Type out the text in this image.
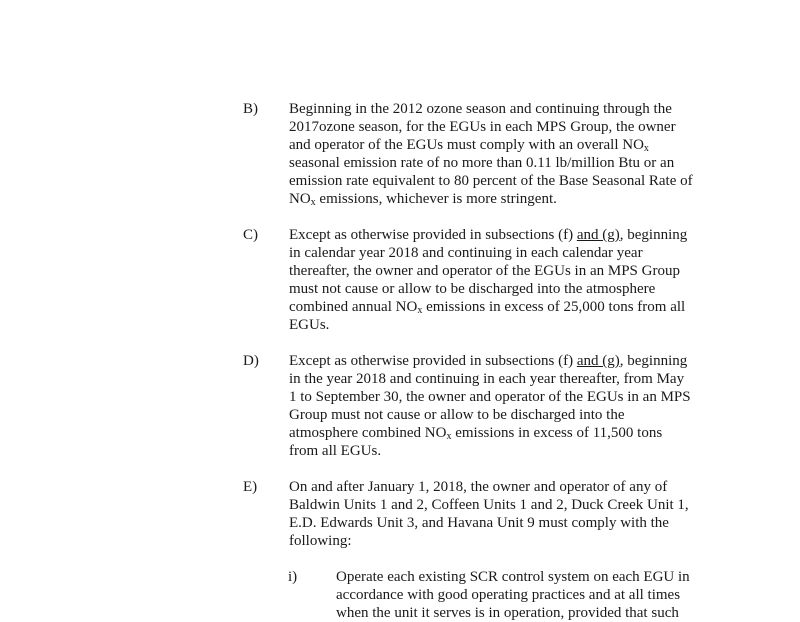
B) Beginning in the 2012 ozone season and continuing through the
2017ozone season, for the EGUs in each MPS Group, the owner
and operator of the EGUs must comply with an overall $NO_x$
seasonal emission rate of no more than 0.11 lb/million Btu or an
emission rate equivalent to 80 percent of the Base Seasonal Rate of
$NO_x$ emissions, whichever is more stringent.
C) Except as otherwise provided in subsections (f) and (g), beginning
in calendar year 2018 and continuing in each calendar year
thereafter, the owner and operator of the EGUs in an MPS Group
must not cause or allow to be discharged into the atmosphere
combined annual $NO_x$ emissions in excess of 25,000 tons from all
EGUs.
D) Except as otherwise provided in subsections (f) and (g), beginning
in the year 2018 and continuing in each year thereafter, from May
1 to September 30, the owner and operator of the EGUs in an MPS
Group must not cause or allow to be discharged into the
atmosphere combined $NO_x$ emissions in excess of 11,500 tons
from all EGUs.
E) On and after January 1, 2018, the owner and operator of any of
Baldwin Units 1 and 2, Coffeen Units 1 and 2, Duck Creek Unit 1,
E.D. Edwards Unit 3, and Havana Unit 9 must comply with the
following:
i)	Operate each existing SCR control system on each EGU in
accordance with good operating practices and at all times
when the unit it serves is in operation, provided that such
